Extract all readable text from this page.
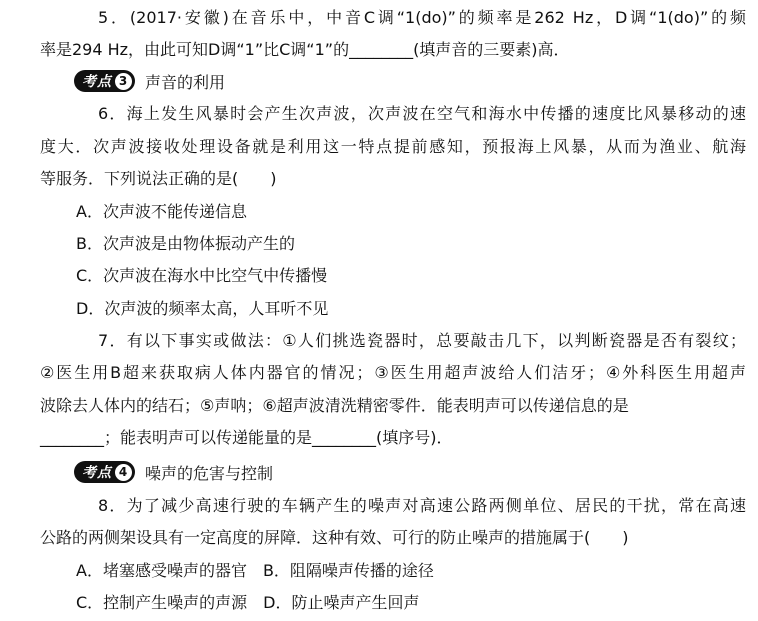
5．(2017·安徽)在音乐中，中音C调“1(do)”的频率是262 Hz，D调“1(do)”的频
率是294 Hz，由此可知D调“1”比C调“1”的________(填声音的三要素)高．
考点 3 声音的利用
6．海上发生风暴时会产生次声波，次声波在空气和海水中传播的速度比风暴移动的速
度大．次声波接收处理设备就是利用这一特点提前感知，预报海上风暴，从而为渔业、航海
等服务．下列说法正确的是(　　)
A．次声波不能传递信息
B．次声波是由物体振动产生的
C．次声波在海水中比空气中传播慢
D．次声波的频率太高，人耳听不见
7．有以下事实或做法：①人们挑选瓷器时，总要敲击几下，以判断瓷器是否有裂纹；
②医生用B超来获取病人体内器官的情况；③医生用超声波给人们洁牙；④外科医生用超声
波除去人体内的结石；⑤声呐；⑥超声波清洗精密零件．能表明声可以传递信息的是
________；能表明声可以传递能量的是________(填序号)．
考点 4 噪声的危害与控制
8．为了减少高速行驶的车辆产生的噪声对高速公路两侧单位、居民的干扰，常在高速
公路的两侧架设具有一定高度的屏障．这种有效、可行的防止噪声的措施属于(　　)
A．堵塞感受噪声的器官　B．阻隔噪声传播的途径
C．控制产生噪声的声源　D．防止噪声产生回声
